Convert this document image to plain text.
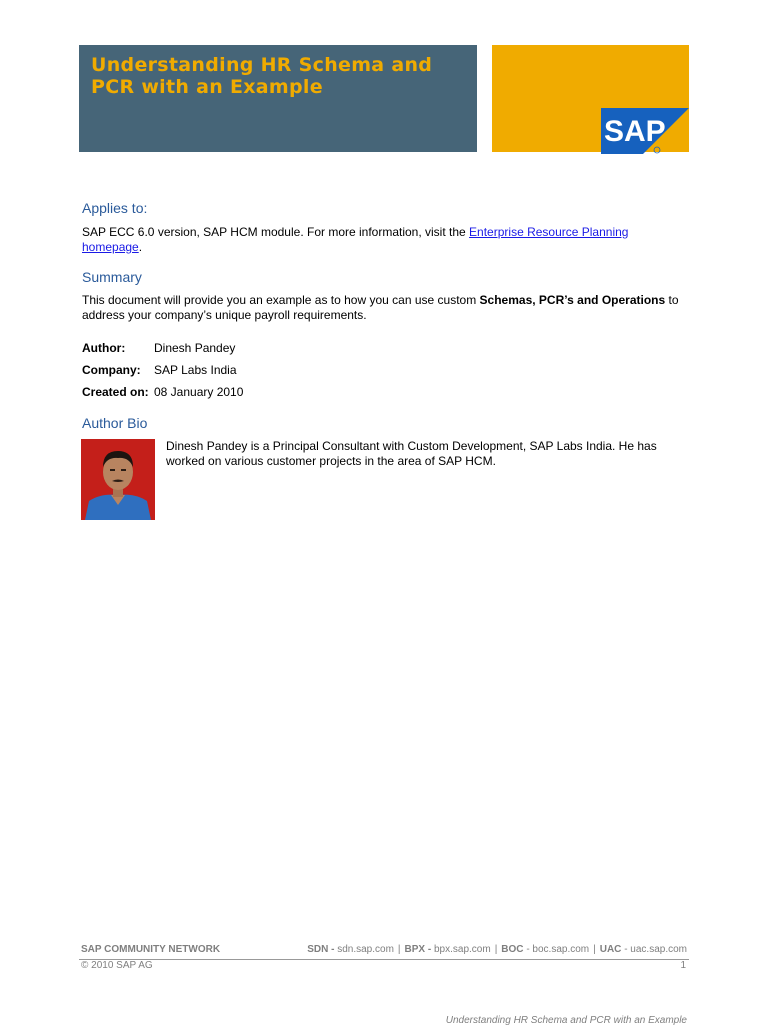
Understanding HR Schema and PCR with an Example
SAP
Applies to:
SAP ECC 6.0 version, SAP HCM module. For more information, visit the Enterprise Resource Planning homepage.
Summary
This document will provide you an example as to how you can use custom Schemas, PCR’s and Operations to address your company’s unique payroll requirements.
Author: Dinesh Pandey
Company: SAP Labs India
Created on: 08 January 2010
Author Bio
Dinesh Pandey is a Principal Consultant with Custom Development, SAP Labs India. He has worked on various customer projects in the area of SAP HCM.
SAP COMMUNITY NETWORK	SDN - sdn.sap.com | BPX - bpx.sap.com | BOC - boc.sap.com | UAC - uac.sap.com
© 2010 SAP AG	1
Understanding HR Schema and PCR with an Example
